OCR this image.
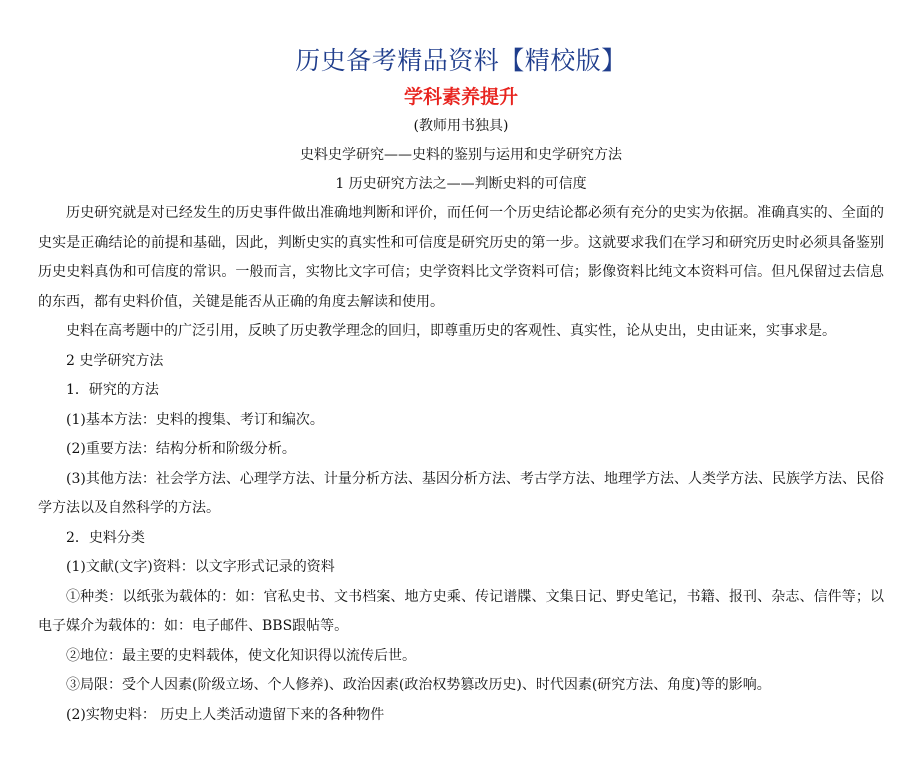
历史备考精品资料【精校版】
学科素养提升
(教师用书独具)
史料史学研究——史料的鉴别与运用和史学研究方法
1 历史研究方法之——判断史料的可信度

历史研究就是对已经发生的历史事件做出准确地判断和评价，而任何一个历史结论都必须有充分的史实为依据。准确真实的、全面的史实是正确结论的前提和基础，因此，判断史实的真实性和可信度是研究历史的第一步。这就要求我们在学习和研究历史时必须具备鉴别历史史料真伪和可信度的常识。一般而言，实物比文字可信；史学资料比文学资料可信；影像资料比纯文本资料可信。但凡保留过去信息的东西，都有史料价值，关键是能否从正确的角度去解读和使用。

史料在高考题中的广泛引用，反映了历史教学理念的回归，即尊重历史的客观性、真实性，论从史出，史由证来，实事求是。

2 史学研究方法

1．研究的方法

(1)基本方法：史料的搜集、考订和编次。

(2)重要方法：结构分析和阶级分析。

(3)其他方法：社会学方法、心理学方法、计量分析方法、基因分析方法、考古学方法、地理学方法、人类学方法、民族学方法、民俗学方法以及自然科学的方法。

2．史料分类

(1)文献(文字)资料：以文字形式记录的资料

①种类：以纸张为载体的：如：官私史书、文书档案、地方史乘、传记谱牒、文集日记、野史笔记，书籍、报刊、杂志、信件等；以电子媒介为载体的：如：电子邮件、BBS跟帖等。

②地位：最主要的史料载体，使文化知识得以流传后世。

③局限：受个人因素(阶级立场、个人修养)、政治因素(政治权势篡改历史)、时代因素(研究方法、角度)等的影响。

(2)实物史料： 历史上人类活动遗留下来的各种物件
